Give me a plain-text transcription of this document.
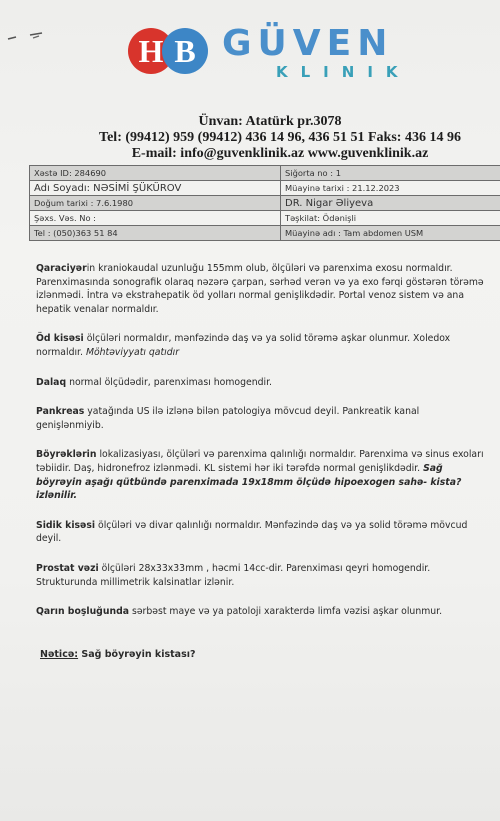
H B GÜVEN
KLINIK
Ünvan: Atatürk pr.3078
Tel: (99412) 959 (99412) 436 14 96, 436 51 51 Faks: 436 14 96
E-mail: info@guvenklinik.az www.guvenklinik.az
Xəstə ID: 284690	Siğorta no : 1
Adı Soyadı: NƏSİMİ ŞÜKÜROV	Müayinə tarixi : 21.12.2023
Doğum tarixi : 7.6.1980	DR. Nigar Əliyeva
Şəxs. Vəs. No :	Təşkilat: Ödənişli
Tel : (050)363 51 84	Müayinə adı : Tam abdomen USM

Qaraciyərin kraniokaudal uzunluğu 155mm olub, ölçüləri və parenxima exosu normaldır. Parenximasında sonografik olaraq nəzərə çarpan, sərhəd verən və ya exo fərqi göstərən törəmə izlənmədi. İntra və ekstrahepatik öd yolları normal genişlikdədir. Portal venoz sistem və ana hepatik venalar normaldır.

Öd kisəsi ölçüləri normaldır, mənfəzində daş və ya solid törəmə aşkar olunmur. Xoledox normaldır. Möhtəviyyatı qatıdır

Dalaq normal ölçüdədir, parenximası homogendir.

Pankreas yatağında US ilə izlənə bilən patologiya mövcud deyil. Pankreatik kanal genişlənmiyib.

Böyrəklərin lokalizasiyası, ölçüləri və parenxima qalınlığı normaldır. Parenxima və sinus exoları təbiidir. Daş, hidronefroz izlənmədi. KL sistemi hər iki tərəfdə normal genişlikdədir. Sağ böyrəyin aşağı qütbündə parenximada 19x18mm ölçüdə hipoexogen sahə- kista? izlənilir.

Sidik kisəsi ölçüləri və divar qalınlığı normaldır. Mənfəzində daş və ya solid törəmə mövcud deyil.

Prostat vəzi ölçüləri 28x33x33mm , həcmi 14cc-dir. Parenximası qeyri homogendir. Strukturunda millimetrik kalsinatlar izlənir.

Qarın boşluğunda sərbəst maye və ya patoloji xarakterdə limfa vəzisi aşkar olunmur.

Nəticə: Sağ böyrəyin kistası?
